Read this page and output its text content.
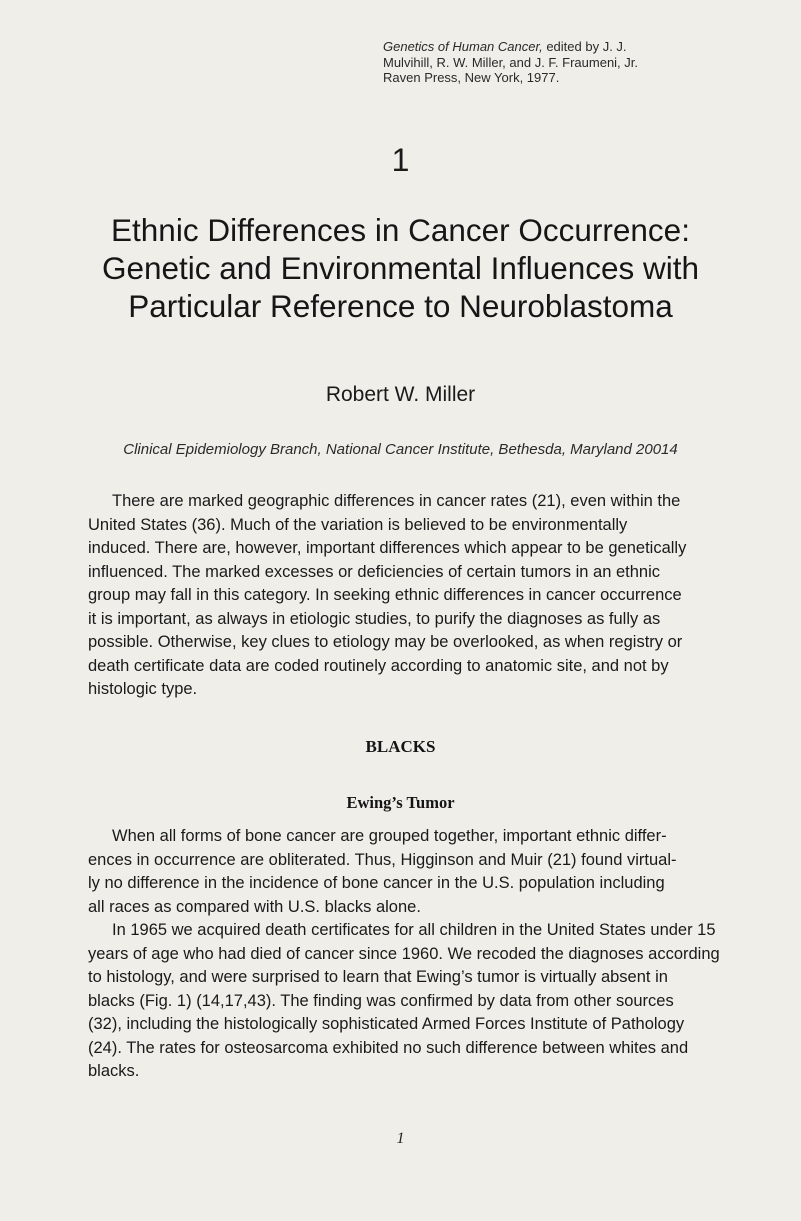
Genetics of Human Cancer, edited by J. J.
Mulvihill, R. W. Miller, and J. F. Fraumeni, Jr.
Raven Press, New York, 1977.
1
Ethnic Differences in Cancer Occurrence:
Genetic and Environmental Influences with
Particular Reference to Neuroblastoma
Robert W. Miller
Clinical Epidemiology Branch, National Cancer Institute, Bethesda, Maryland 20014
There are marked geographic differences in cancer rates (21), even within the
United States (36). Much of the variation is believed to be environmentally
induced. There are, however, important differences which appear to be genetically
influenced. The marked excesses or deficiencies of certain tumors in an ethnic
group may fall in this category. In seeking ethnic differences in cancer occurrence
it is important, as always in etiologic studies, to purify the diagnoses as fully as
possible. Otherwise, key clues to etiology may be overlooked, as when registry or
death certificate data are coded routinely according to anatomic site, and not by
histologic type.
BLACKS
Ewing’s Tumor
When all forms of bone cancer are grouped together, important ethnic differ-
ences in occurrence are obliterated. Thus, Higginson and Muir (21) found virtual-
ly no difference in the incidence of bone cancer in the U.S. population including
all races as compared with U.S. blacks alone.
In 1965 we acquired death certificates for all children in the United States under 15
years of age who had died of cancer since 1960. We recoded the diagnoses according
to histology, and were surprised to learn that Ewing’s tumor is virtually absent in
blacks (Fig. 1) (14,17,43). The finding was confirmed by data from other sources
(32), including the histologically sophisticated Armed Forces Institute of Pathology
(24). The rates for osteosarcoma exhibited no such difference between whites and
blacks.
1
